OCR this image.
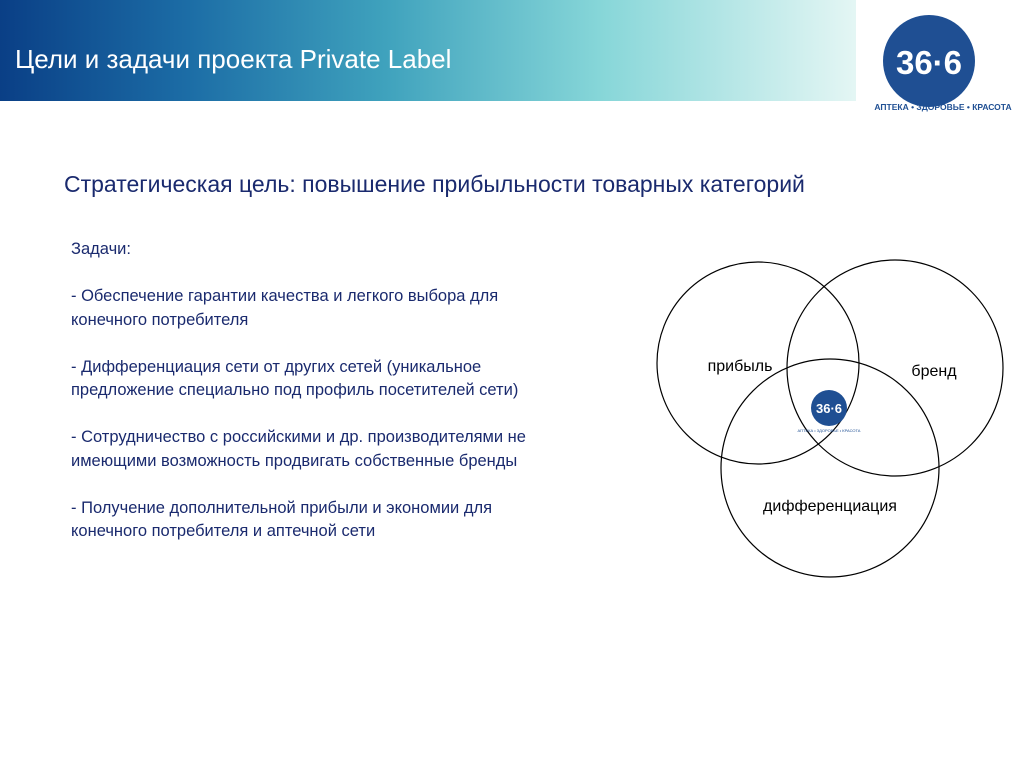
Цели и задачи проекта Private Label	36·6
АПТЕКА • ЗДОРОВЬЕ • КРАСОТА
Стратегическая цель: повышение прибыльности товарных категорий
Задачи:
- Обеспечение гарантии качества и легкого выбора для конечного потребителя
- Дифференциация сети от других сетей (уникальное предложение специально под профиль посетителей сети)
- Сотрудничество с российскими и др. производителями не имеющими возможность продвигать собственные бренды
- Получение дополнительной прибыли и экономии для конечного потребителя и аптечной сети
прибыль	бренд
дифференциация
36·6
АПТЕКА • ЗДОРОВЬЕ • КРАСОТА
